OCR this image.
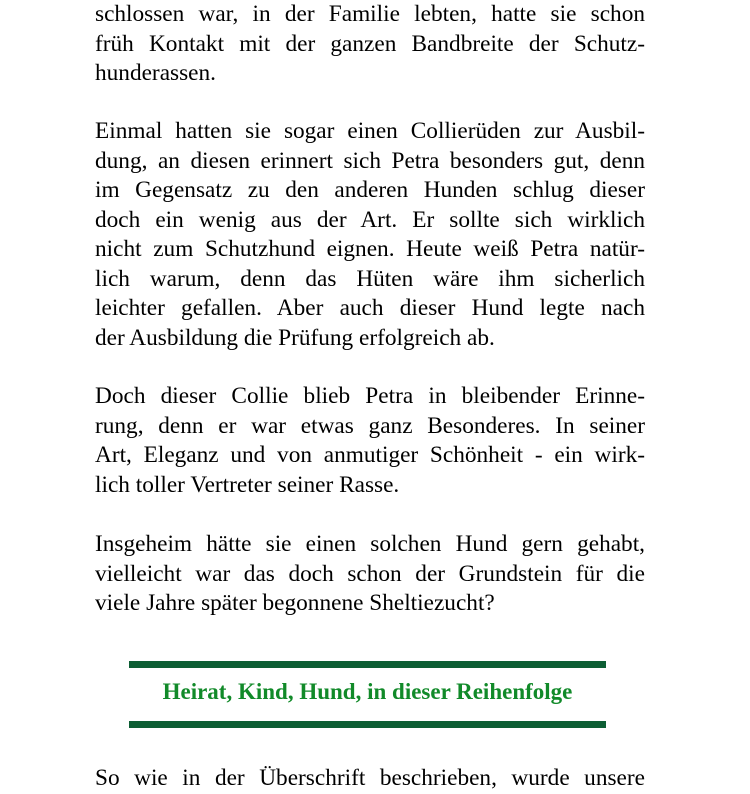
schlossen war, in der Familie lebten, hatte sie schon
früh Kontakt mit der ganzen Bandbreite der Schutz-
hunderassen.
Einmal hatten sie sogar einen Collierüden zur Ausbil-
dung, an diesen erinnert sich Petra besonders gut, denn
im Gegensatz zu den anderen Hunden schlug dieser
doch ein wenig aus der Art. Er sollte sich wirklich
nicht zum Schutzhund eignen. Heute weiß Petra natür-
lich warum, denn das Hüten wäre ihm sicherlich
leichter gefallen. Aber auch dieser Hund legte nach
der Ausbildung die Prüfung erfolgreich ab.
Doch dieser Collie blieb Petra in bleibender Erinne-
rung, denn er war etwas ganz Besonderes. In seiner
Art, Eleganz und von anmutiger Schönheit - ein wirk-
lich toller Vertreter seiner Rasse.
Insgeheim hätte sie einen solchen Hund gern gehabt,
vielleicht war das doch schon der Grundstein für die
viele Jahre später begonnene Sheltiezucht?
Heirat, Kind, Hund, in dieser Reihenfolge
So wie in der Überschrift beschrieben, wurde unsere
